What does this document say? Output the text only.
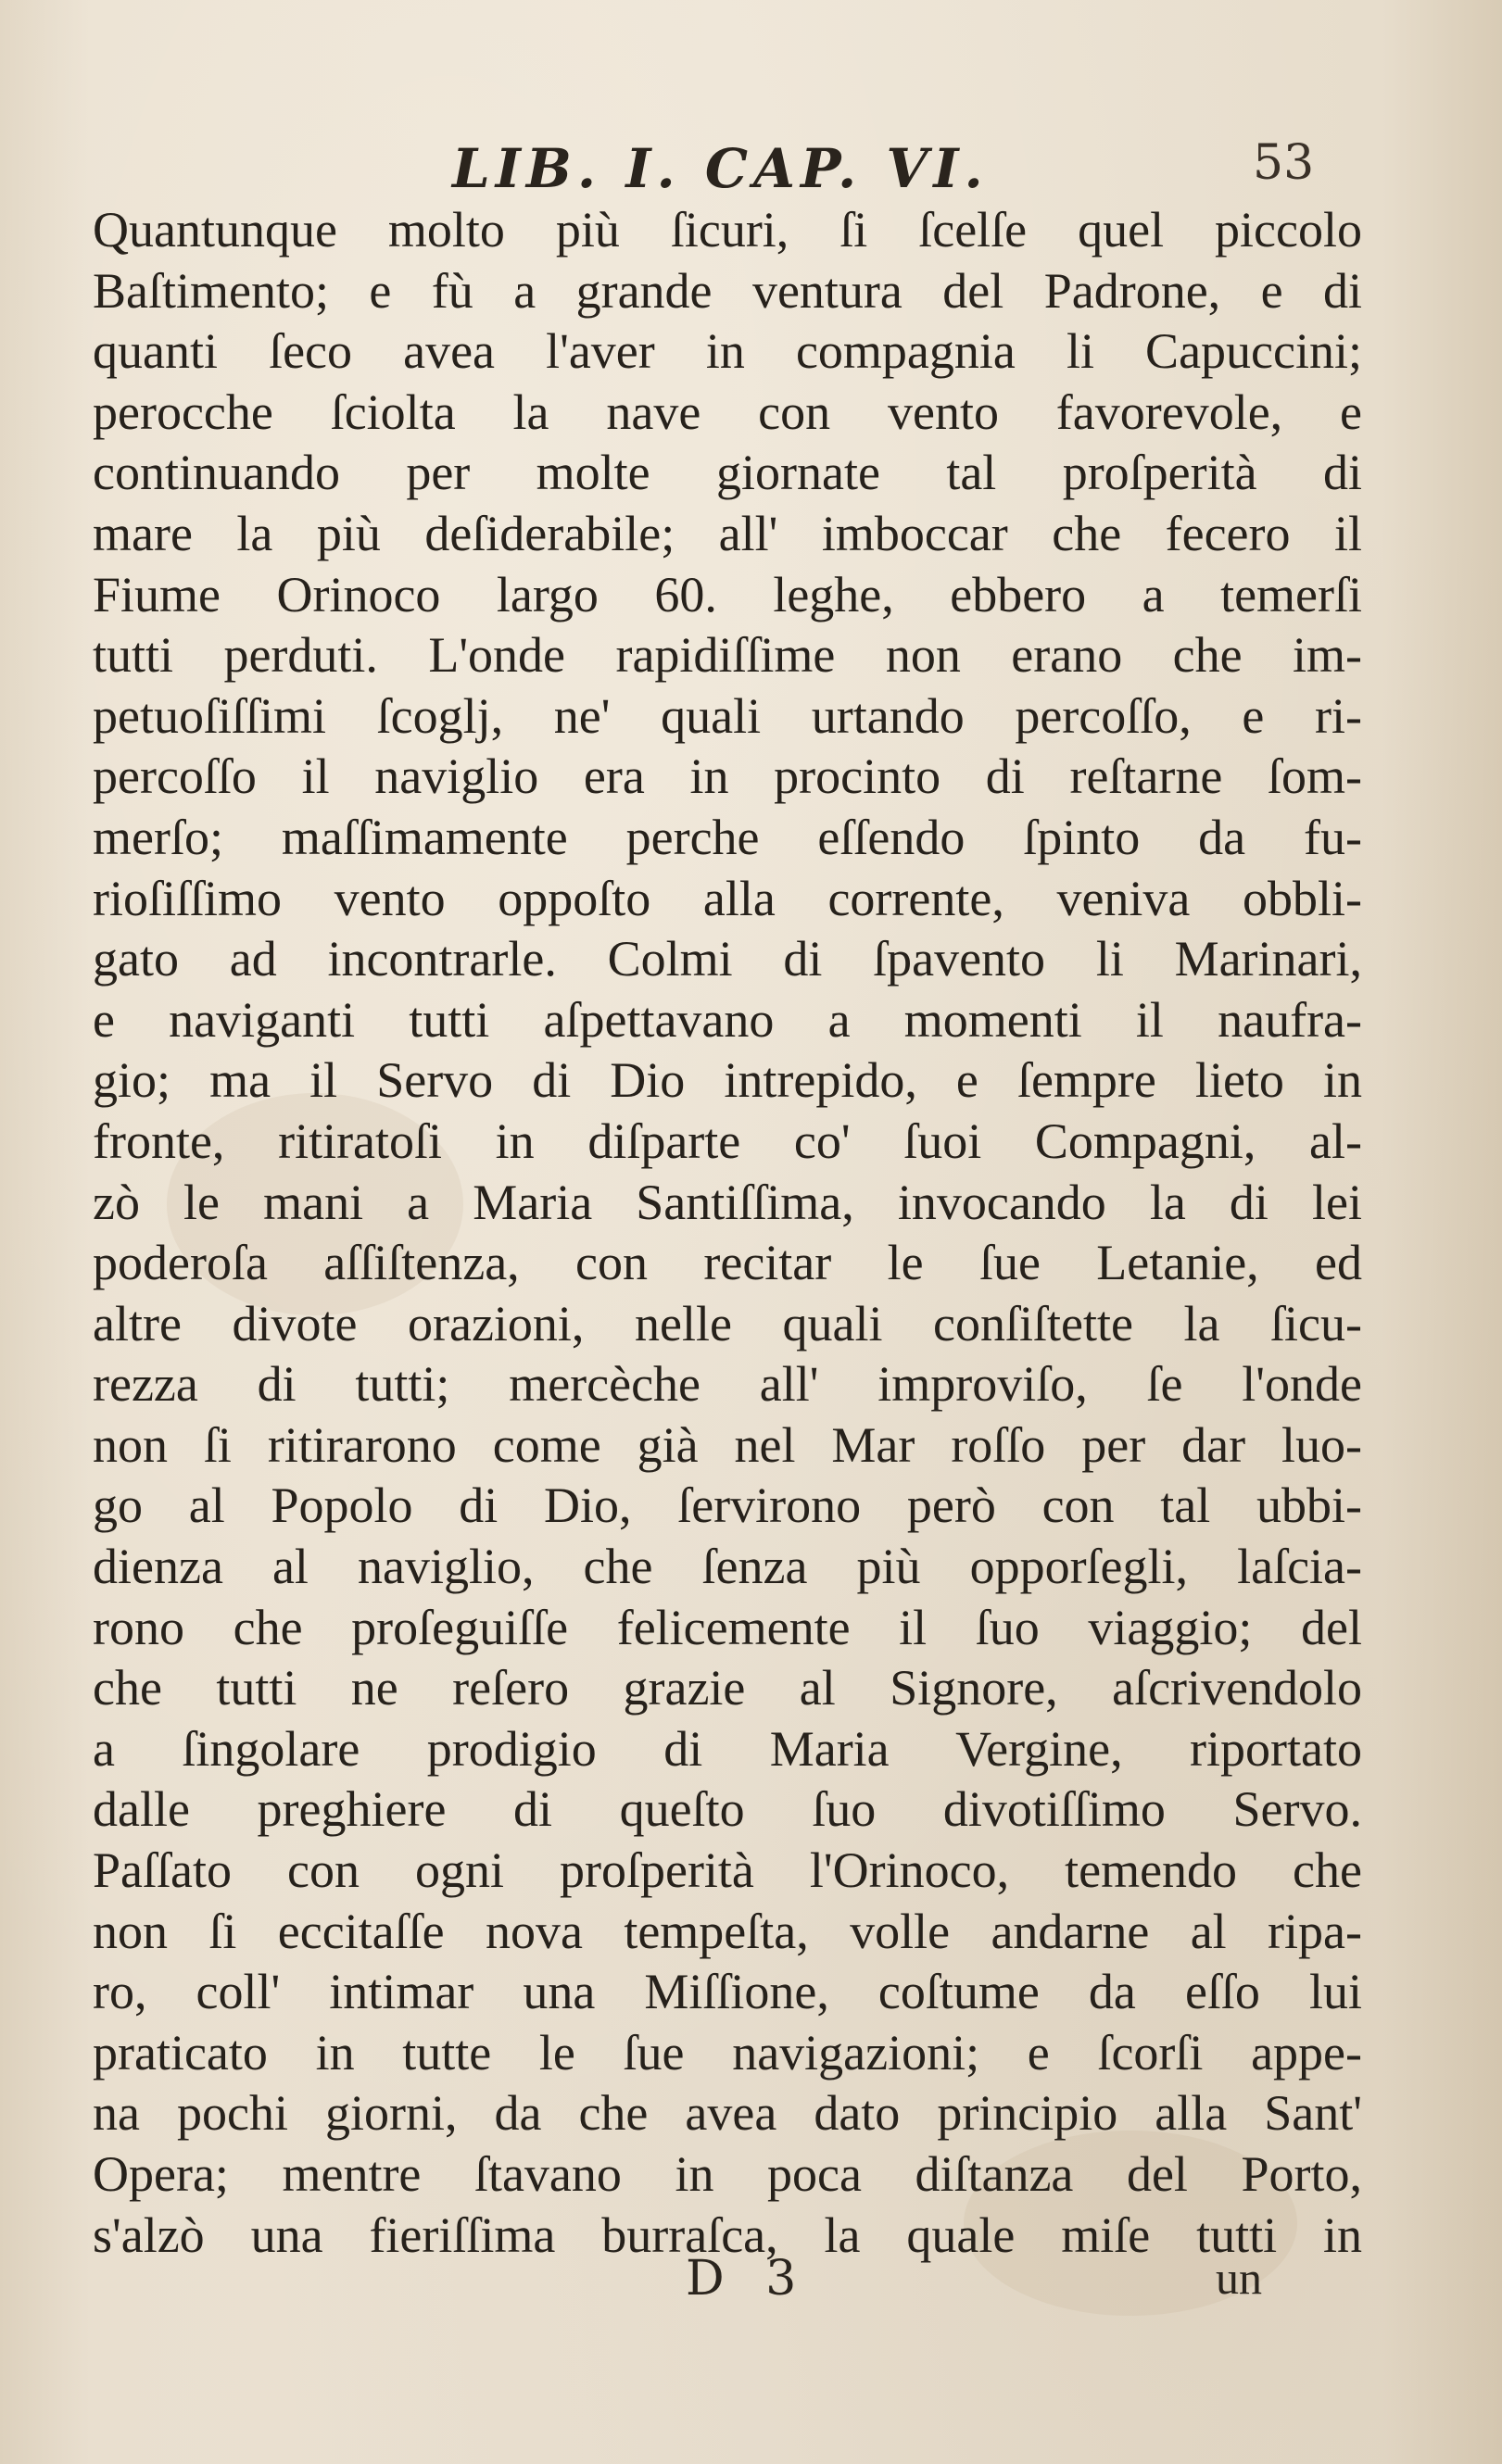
LIB. I. CAP. VI.	53
Quantunque molto più ſicuri, ſi ſcelſe quel piccolo
Baſtimento; e fù a grande ventura del Padrone, e di
quanti ſeco avea l'aver in compagnia li Capuccini;
perocche ſciolta la nave con vento favorevole, e
continuando per molte giornate tal proſperità di
mare la più deſiderabile; all' imboccar che fecero il
Fiume Orinoco largo 60. leghe, ebbero a temerſi
tutti perduti. L'onde rapidiſſime non erano che im-
petuoſiſſimi ſcoglj, ne' quali urtando percoſſo, e ri-
percoſſo il naviglio era in procinto di reſtarne ſom-
merſo; maſſimamente perche eſſendo ſpinto da fu-
rioſiſſimo vento oppoſto alla corrente, veniva obbli-
gato ad incontrarle. Colmi di ſpavento li Marinari,
e naviganti tutti aſpettavano a momenti il naufra-
gio; ma il Servo di Dio intrepido, e ſempre lieto in
fronte, ritiratoſi in diſparte co' ſuoi Compagni, al-
zò le mani a Maria Santiſſima, invocando la di lei
poderoſa aſſiſtenza, con recitar le ſue Letanie, ed
altre divote orazioni, nelle quali conſiſtette la ſicu-
rezza di tutti; mercèche all' improviſo, ſe l'onde
non ſi ritirarono come già nel Mar roſſo per dar luo-
go al Popolo di Dio, ſervirono però con tal ubbi-
dienza al naviglio, che ſenza più opporſegli, laſcia-
rono che proſeguiſſe felicemente il ſuo viaggio; del
che tutti ne reſero grazie al Signore, aſcrivendolo
a ſingolare prodigio di Maria Vergine, riportato
dalle preghiere di queſto ſuo divotiſſimo Servo.
Paſſato con ogni proſperità l'Orinoco, temendo che
non ſi eccitaſſe nova tempeſta, volle andarne al ripa-
ro, coll' intimar una Miſſione, coſtume da eſſo lui
praticato in tutte le ſue navigazioni; e ſcorſi appe-
na pochi giorni, da che avea dato principio alla Sant'
Opera; mentre ſtavano in poca diſtanza del Porto,
s'alzò una fieriſſima burraſca, la quale miſe tutti in
D 3	un
